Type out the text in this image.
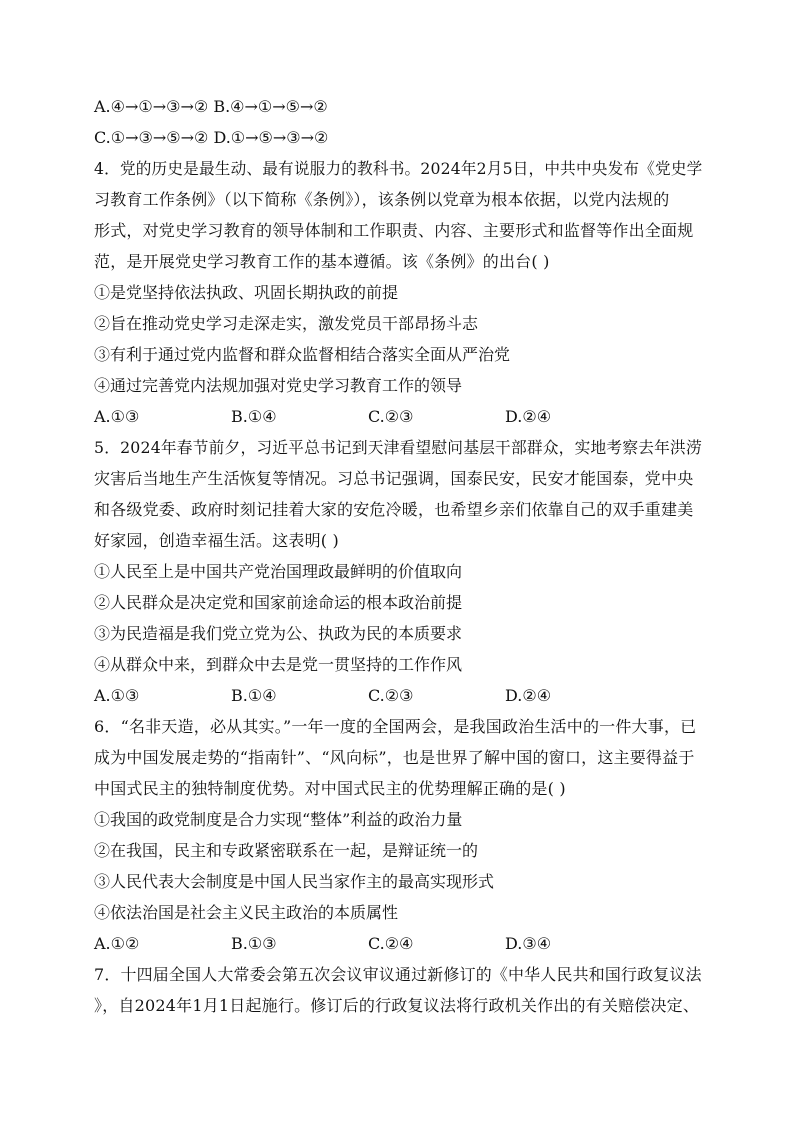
A.④→①→③→② B.④→①→⑤→②
C.①→③→⑤→② D.①→⑤→③→②
4．党的历史是最生动、最有说服力的教科书。2024年2月5日，中共中央发布《党史学
习教育工作条例》（以下简称《条例》），该条例以党章为根本依据，以党内法规的
形式，对党史学习教育的领导体制和工作职责、内容、主要形式和监督等作出全面规
范，是开展党史学习教育工作的基本遵循。该《条例》的出台( )
①是党坚持依法执政、巩固长期执政的前提
②旨在推动党史学习走深走实，激发党员干部昂扬斗志
③有利于通过党内监督和群众监督相结合落实全面从严治党
④通过完善党内法规加强对党史学习教育工作的领导
A.①③	B.①④	C.②③	D.②④
5．2024年春节前夕，习近平总书记到天津看望慰问基层干部群众，实地考察去年洪涝
灾害后当地生产生活恢复等情况。习总书记强调，国泰民安，民安才能国泰，党中央
和各级党委、政府时刻记挂着大家的安危冷暖，也希望乡亲们依靠自己的双手重建美
好家园，创造幸福生活。这表明( )
①人民至上是中国共产党治国理政最鲜明的价值取向
②人民群众是决定党和国家前途命运的根本政治前提
③为民造福是我们党立党为公、执政为民的本质要求
④从群众中来，到群众中去是党一贯坚持的工作作风
A.①③	B.①④	C.②③	D.②④
6．“名非天造，必从其实。”一年一度的全国两会，是我国政治生活中的一件大事，已
成为中国发展走势的“指南针”、“风向标”，也是世界了解中国的窗口，这主要得益于
中国式民主的独特制度优势。对中国式民主的优势理解正确的是( )
①我国的政党制度是合力实现“整体”利益的政治力量
②在我国，民主和专政紧密联系在一起，是辩证统一的
③人民代表大会制度是中国人民当家作主的最高实现形式
④依法治国是社会主义民主政治的本质属性
A.①②	B.①③	C.②④	D.③④
7．十四届全国人大常委会第五次会议审议通过新修订的《中华人民共和国行政复议法
》，自2024年1月1日起施行。修订后的行政复议法将行政机关作出的有关赔偿决定、
